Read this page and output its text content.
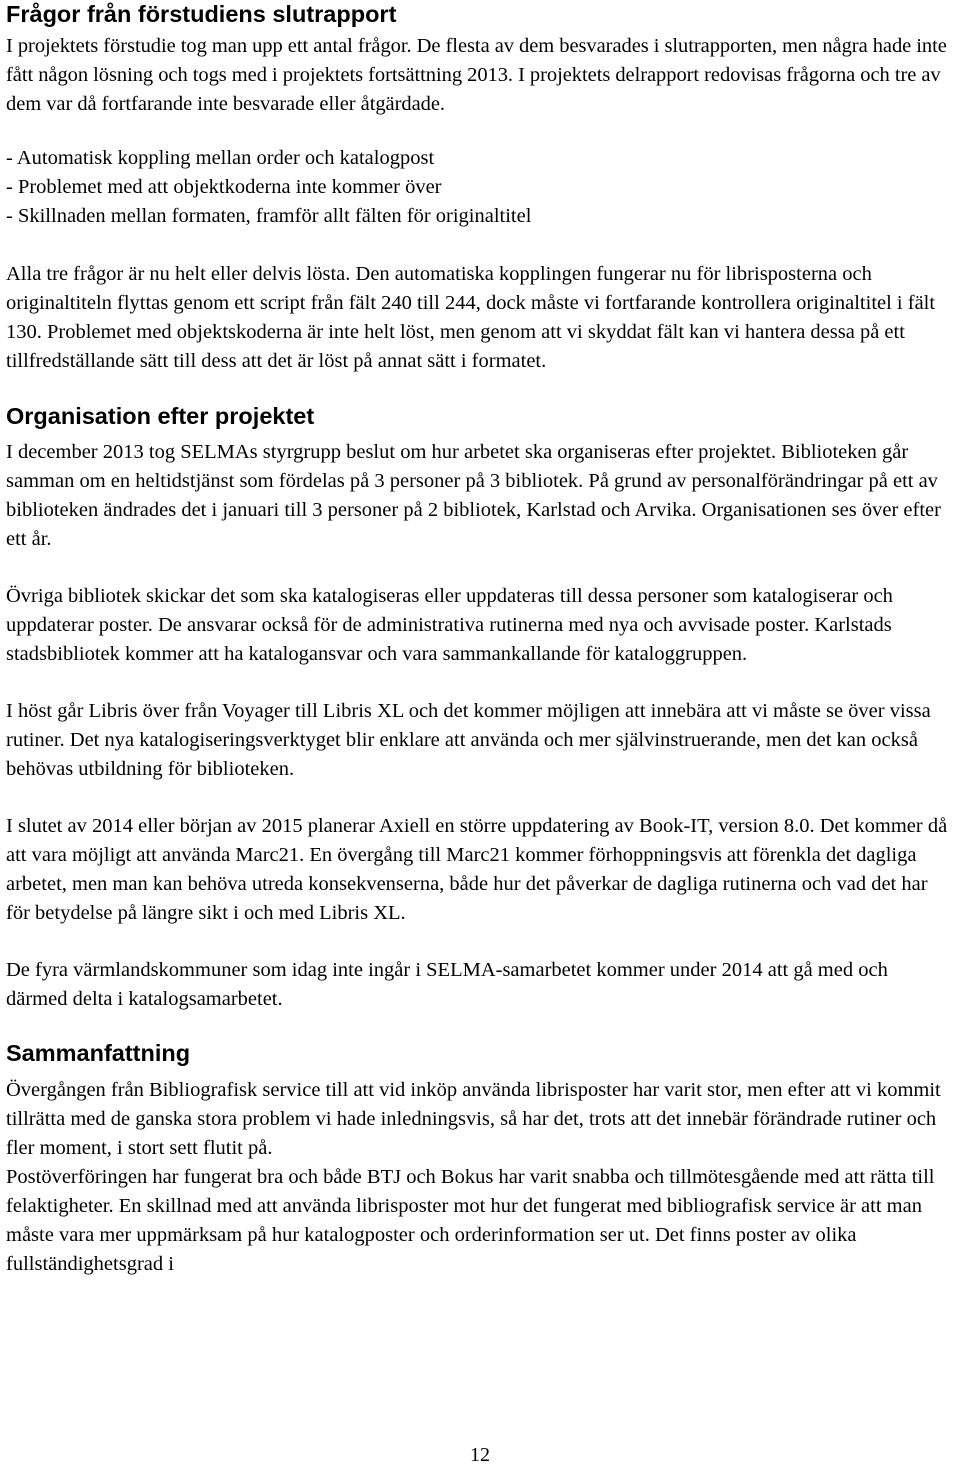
Frågor från förstudiens slutrapport

I projektets förstudie tog man upp ett antal frågor. De flesta av dem besvarades i slutrapporten, men några hade inte fått någon lösning och togs med i projektets fortsättning 2013. I projektets delrapport redovisas frågorna och tre av dem var då fortfarande inte besvarade eller åtgärdade.

- Automatisk koppling mellan order och katalogpost

- Problemet med att objektkoderna inte kommer över

- Skillnaden mellan formaten, framför allt fälten för originaltitel

Alla tre frågor är nu helt eller delvis lösta. Den automatiska kopplingen fungerar nu för librisposterna och originaltiteln flyttas genom ett script från fält 240 till 244, dock måste vi fortfarande kontrollera originaltitel i fält 130. Problemet med objektskoderna är inte helt löst, men genom att vi skyddat fält kan vi hantera dessa på ett tillfredställande sätt till dess att det är löst på annat sätt i formatet.

Organisation efter projektet

I december 2013 tog SELMAs styrgrupp beslut om hur arbetet ska organiseras efter projektet. Biblioteken går samman om en heltidstjänst som fördelas på 3 personer på 3 bibliotek. På grund av personalförändringar på ett av biblioteken ändrades det i januari till 3 personer på 2 bibliotek, Karlstad och Arvika. Organisationen ses över efter ett år.

Övriga bibliotek skickar det som ska katalogiseras eller uppdateras till dessa personer som katalogiserar och uppdaterar poster. De ansvarar också för de administrativa rutinerna med nya och avvisade poster. Karlstads stadsbibliotek kommer att ha katalogansvar och vara sammankallande för kataloggruppen.

I höst går Libris över från Voyager till Libris XL och det kommer möjligen att innebära att vi måste se över vissa rutiner. Det nya katalogiseringsverktyget blir enklare att använda och mer självinstruerande, men det kan också behövas utbildning för biblioteken.

I slutet av 2014 eller början av 2015 planerar Axiell en större uppdatering av Book-IT, version 8.0. Det kommer då att vara möjligt att använda Marc21. En övergång till Marc21 kommer förhoppningsvis att förenkla det dagliga arbetet, men man kan behöva utreda konsekvenserna, både hur det påverkar de dagliga rutinerna och vad det har för betydelse på längre sikt i och med Libris XL.

De fyra värmlandskommuner som idag inte ingår i SELMA-samarbetet kommer under 2014 att gå med och därmed delta i katalogsamarbetet.

Sammanfattning

Övergången från Bibliografisk service till att vid inköp använda librisposter har varit stor, men efter att vi kommit tillrätta med de ganska stora problem vi hade inledningsvis, så har det, trots att det innebär förändrade rutiner och fler moment, i stort sett flutit på.

Postöverföringen har fungerat bra och både BTJ och Bokus har varit snabba och tillmötesgående med att rätta till felaktigheter. En skillnad med att använda librisposter mot hur det fungerat med bibliografisk service är att man måste vara mer uppmärksam på hur katalogposter och orderinformation ser ut. Det finns poster av olika fullständighetsgrad i

12
